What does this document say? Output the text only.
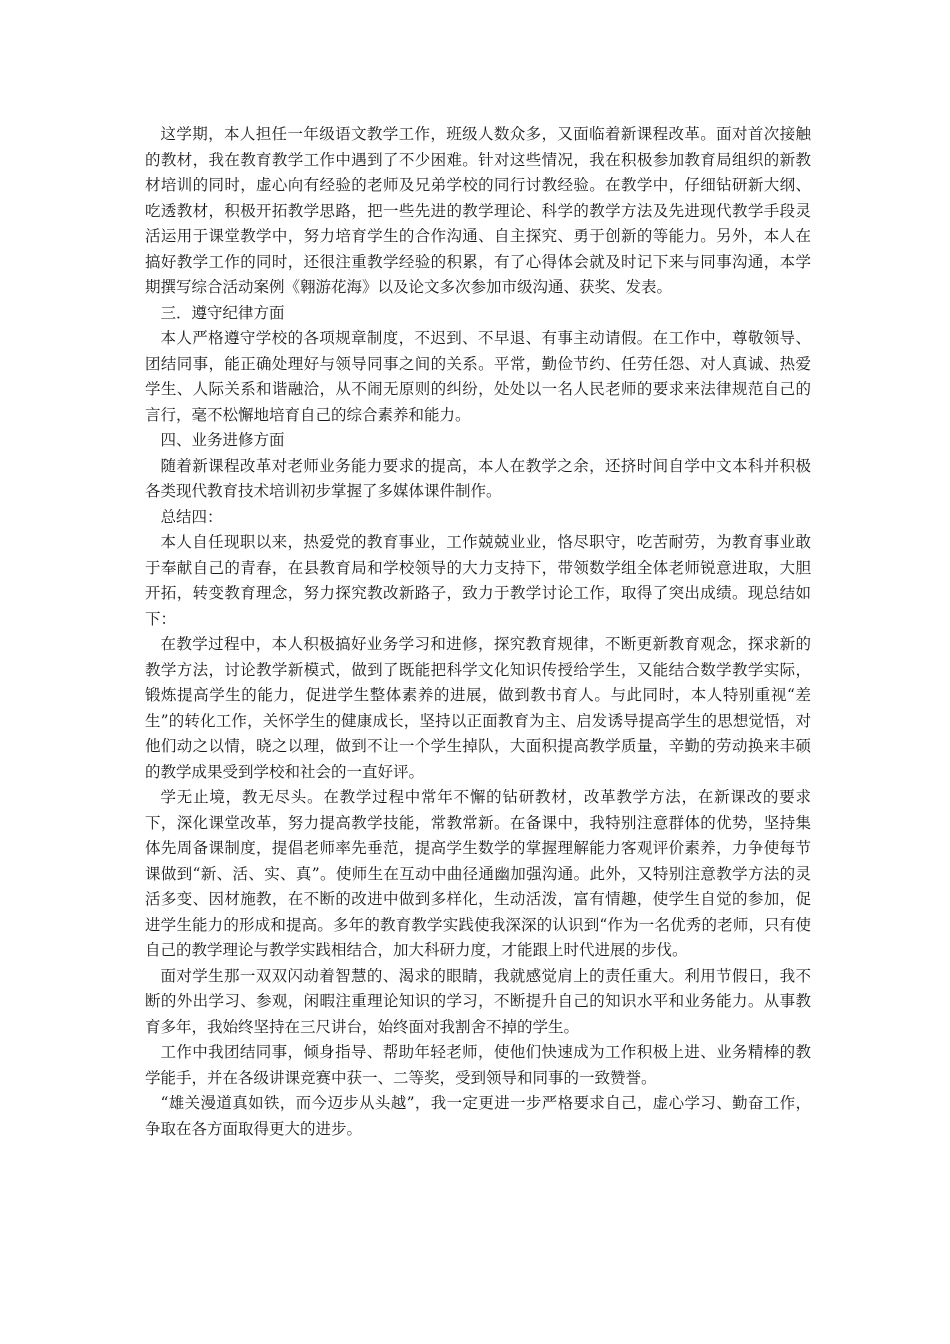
这学期，本人担任一年级语文教学工作，班级人数众多，又面临着新课程改革。面对首次接触的教材，我在教育教学工作中遇到了不少困难。针对这些情况，我在积极参加教育局组织的新教材培训的同时，虚心向有经验的老师及兄弟学校的同行讨教经验。在教学中，仔细钻研新大纲、吃透教材，积极开拓教学思路，把一些先进的教学理论、科学的教学方法及先进现代教学手段灵活运用于课堂教学中，努力培育学生的合作沟通、自主探究、勇于创新的等能力。另外，本人在搞好教学工作的同时，还很注重教学经验的积累，有了心得体会就及时记下来与同事沟通，本学期撰写综合活动案例《翱游花海》以及论文多次参加市级沟通、获奖、发表。

三．遵守纪律方面

本人严格遵守学校的各项规章制度，不迟到、不早退、有事主动请假。在工作中，尊敬领导、团结同事，能正确处理好与领导同事之间的关系。平常，勤俭节约、任劳任怨、对人真诚、热爱学生、人际关系和谐融洽，从不闹无原则的纠纷，处处以一名人民老师的要求来法律规范自己的言行，毫不松懈地培育自己的综合素养和能力。

四、业务进修方面

随着新课程改革对老师业务能力要求的提高，本人在教学之余，还挤时间自学中文本科并积极各类现代教育技术培训初步掌握了多媒体课件制作。

总结四：

本人自任现职以来，热爱党的教育事业，工作兢兢业业，恪尽职守，吃苦耐劳，为教育事业敢于奉献自己的青春，在县教育局和学校领导的大力支持下，带领数学组全体老师锐意进取，大胆开拓，转变教育理念，努力探究教改新路子，致力于教学讨论工作，取得了突出成绩。现总结如下：

在教学过程中，本人积极搞好业务学习和进修，探究教育规律，不断更新教育观念，探求新的教学方法，讨论教学新模式，做到了既能把科学文化知识传授给学生，又能结合数学教学实际，锻炼提高学生的能力，促进学生整体素养的进展，做到教书育人。与此同时，本人特别重视“差生”的转化工作，关怀学生的健康成长，坚持以正面教育为主、启发诱导提高学生的思想觉悟，对他们动之以情，晓之以理，做到不让一个学生掉队，大面积提高教学质量，辛勤的劳动换来丰硕的教学成果受到学校和社会的一直好评。

学无止境，教无尽头。在教学过程中常年不懈的钻研教材，改革教学方法，在新课改的要求下，深化课堂改革，努力提高教学技能，常教常新。在备课中，我特别注意群体的优势，坚持集体先周备课制度，提倡老师率先垂范，提高学生数学的掌握理解能力客观评价素养，力争使每节课做到“新、活、实、真”。使师生在互动中曲径通幽加强沟通。此外，又特别注意教学方法的灵活多变、因材施教，在不断的改进中做到多样化，生动活泼，富有情趣，使学生自觉的参加，促进学生能力的形成和提高。多年的教育教学实践使我深深的认识到“作为一名优秀的老师，只有使自己的教学理论与教学实践相结合，加大科研力度，才能跟上时代进展的步伐。

面对学生那一双双闪动着智慧的、渴求的眼睛，我就感觉肩上的责任重大。利用节假日，我不断的外出学习、参观，闲暇注重理论知识的学习，不断提升自己的知识水平和业务能力。从事教育多年，我始终坚持在三尺讲台，始终面对我割舍不掉的学生。

工作中我团结同事，倾身指导、帮助年轻老师，使他们快速成为工作积极上进、业务精棒的教学能手，并在各级讲课竞赛中获一、二等奖，受到领导和同事的一致赞誉。

“雄关漫道真如铁，而今迈步从头越”，我一定更进一步严格要求自己，虚心学习、勤奋工作，争取在各方面取得更大的进步。
